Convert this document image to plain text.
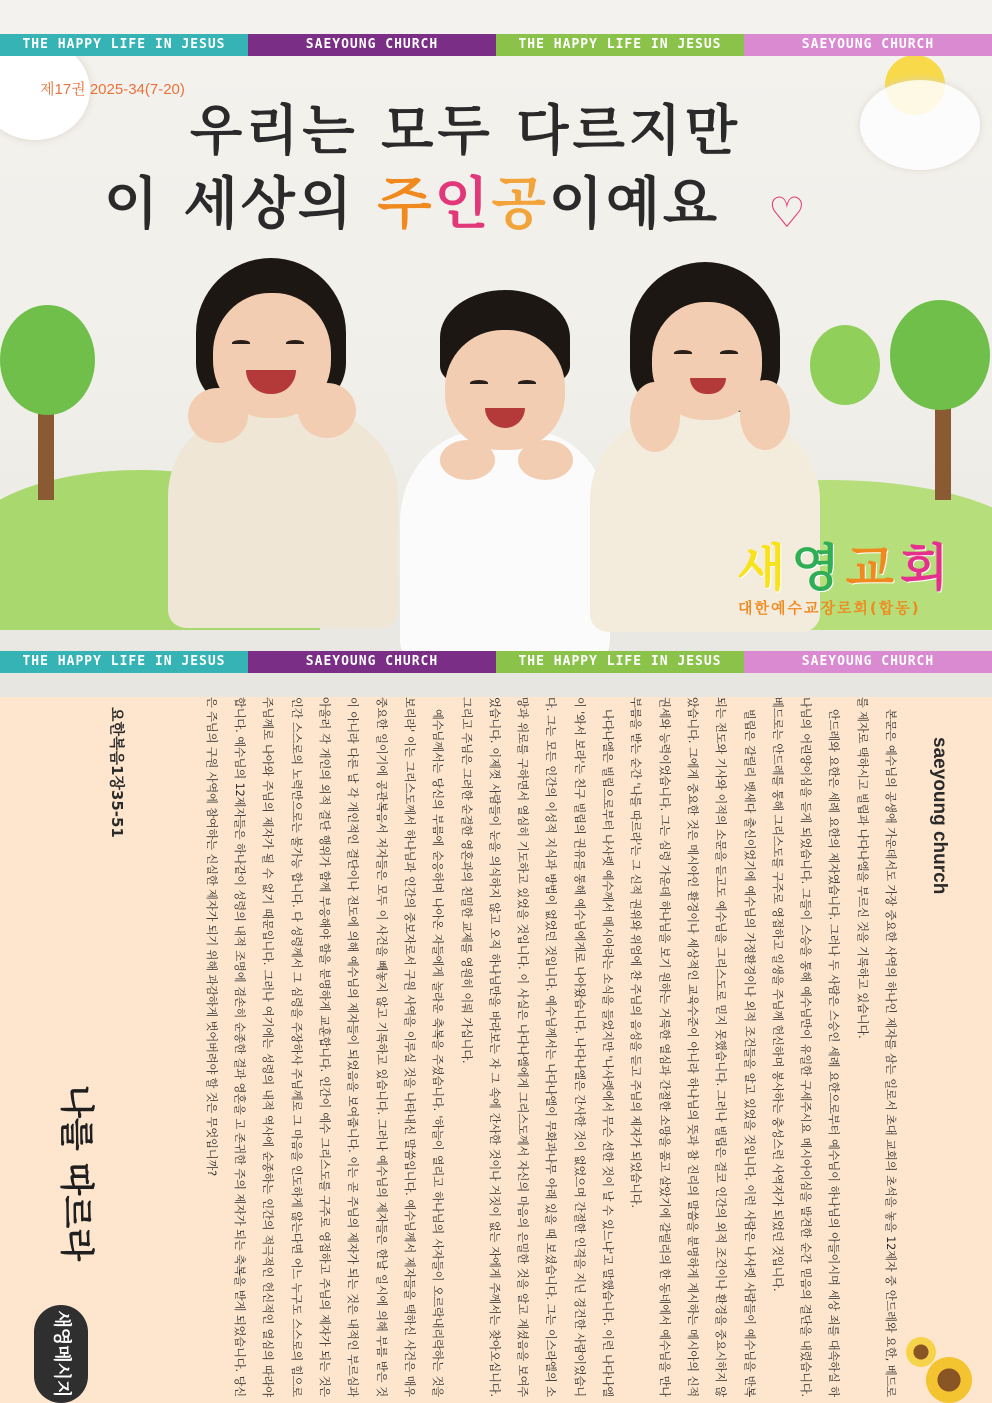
THE HAPPY LIFE IN JESUS	SAEYOUNG CHURCH	THE HAPPY LIFE IN JESUS	SAEYOUNG CHURCH
제17권 2025-34(7-20)
우리는 모두 다르지만
이 세상의 주인공이예요 ♡
새영교회
대한예수교장로회(합동)
THE HAPPY LIFE IN JESUS	SAEYOUNG CHURCH	THE HAPPY LIFE IN JESUS	SAEYOUNG CHURCH
saeyoung church

본문은 예수님의 공생애 가운데서도 가장 중요한 사역의 하나인 제자를 삼는 일로서 초대 교회의 초석을 놓을 12제자 중 안드레와 요한, 베드로를 제자로 택하시고 빌립과 나다나엘을 부르신 것을 기록하고 있습니다.

안드레와 요한은 세례 요한의 제자였습니다. 그러나 두 사람은 스승인 세례 요한으로부터 예수님이 하나님의 아들이시며 세상 죄를 대속하실 하나님의 어린양이심을 듣게 되었습니다. 그들이 스승을 통해 예수님만이 유일한 구세주시요 메시아이심을 발견한 순간 믿음의 결단을 내렸습니다. 베드로는 안드레를 통해 그리스도를 구주로 영접하고 일생을 주님께 헌신하며 봉사하는 충성스런 사역자가 되었던 것입니다.

빌립은 갈릴리 벳새다 출신이었기에 예수님의 가정환경이나 외적 조건들을 알고 있었을 것입니다. 이런 사람은 나사렛 사람들이 예수님을 반복되는 전도와 기사와 이적의 소문을 듣고도 예수님을 그리스도로 믿지 못했습니다. 그러나 빌립은 결코 인간의 외적 조건이나 환경을 중요시하지 않았습니다. 그에게 중요한 것은 메시아인 환경이나 세상적인 교육수준이 아니라 하나님의 뜻과 참 진리의 말씀을 분명하게 계시하는 메시아의 신적 권세와 능력이었습니다. 그는 심령 가운데 하나님을 보기 원하는 거룩한 열심과 간절한 소망을 품고 살았기에 갈릴리의 한 동네에서 예수님을 만나 부름을 받는 순간 '나를 따르라'는 그 신적 권위와 위엄에 찬 주님의 음성을 듣고 주님의 제자가 되었습니다.

나다나엘은 빌립으로부터 나사렛 예수께서 메시아라는 소식을 들었지만 '나사렛에서 무슨 선한 것이 날 수 있느냐'고 말했습니다. 이런 나다나엘이 '와서 보라'는 친구 빌립의 권유를 통해 예수님에게로 나아왔습니다. 나다나엘은 간사한 것이 없었으며 간절한 인격을 지닌 경건한 사람이었습니다. 그는 모든 인간의 이성적 지식과 방법이 없었던 것입니다. 예수님께서는 나다나엘이 무화과나무 아래 있을 때 보셨습니다. 그는 이스라엘의 소망과 위로를 구하면서 열심히 기도하고 있었을 것입니다. 이 사실은 나다나엘에게 그리스도께서 자신의 마음의 은밀한 것을 알고 계셨음을 보여주었습니다. 이제껏 사람들이 눈을 의식하지 않고 오직 하나님만을 바라보는 자 그 속에 간사한 것이나 거짓이 없는 자에게 주께서는 찾아오십니다. 그리고 주님은 그러한 순결한 영혼과의 친밀한 교제를 영원히 이뤄 가십니다.

예수님께서는 당신의 부름에 순응하며 나아온 자들에게 놀라운 축복을 주셨습니다. '하늘이 열리고 하나님의 사자들이 오르락내리락하는 것을 보리라' 이는 그리스도께서 하나님과 인간의 중보자로서 구원 사역을 이루실 것을 나타내신 말씀입니다. 예수님께서 제자들을 택하신 사건은 매우 중요한 일이기에 공관복음서 저자들은 모두 이 사건을 빼놓지 않고 기록하고 있습니다. 그러나 예수님의 제자들은 한날 일시에 의해 부름 받은 것이 아니라 다른 날 각 개인적인 결단이나 전도에 의해 예수님의 제자들이 되었음을 보여줍니다. 이는 곧 주님의 제자가 되는 것은 내적인 부르심과 아울러 각 개인의 외적 결단 행위가 함께 부응해야 함을 분명하게 교훈합니다. 인간이 예수 그리스도를 구주로 영접하고 주님의 제자가 되는 것은 인간 스스로의 노력만으로는 불가능 합니다. 다 성령께서 그 심령을 주장하사 주님께로 그 마음을 인도하게 않는다면 어느 누구도 스스로의 힘으로 주님께로 나아와 주님의 제자가 될 수 없기 때문입니다. 그러나 여기에는 성령의 내적 역사에 순종하는 인간의 적극적인 헌신적인 열심의 따라야 합니다. 예수님의 12제자들은 하나같이 성령의 내적 조명에 겸손히 순종한 결과 영혼을 고 존귀한 주의 제자가 되는 축복을 받게 되었습니다. 당신은 주님의 구원 사역에 참여하는 신실한 제자가 되기 위해 과감하게 벗어버려야 할 것은 무엇입니까?

요한복음1장35-51
나를 따르라
새영메시지
